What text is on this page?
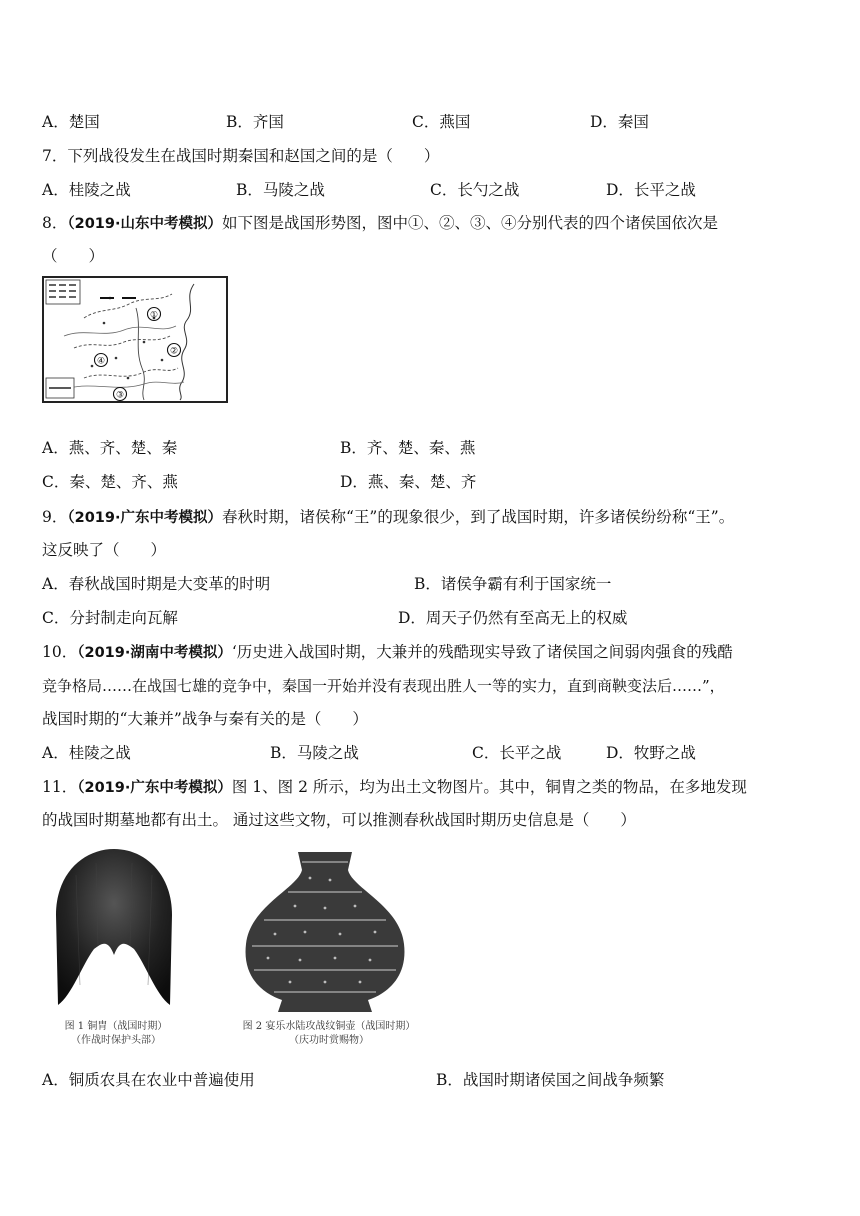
A．楚国	B．齐国	C．燕国	D．秦国
7．下列战役发生在战国时期秦国和赵国之间的是（　　）
A．桂陵之战	B．马陵之战	C．长勺之战	D．长平之战
8．（2019·山东中考模拟）如下图是战国形势图，图中①、②、③、④分别代表的四个诸侯国依次是
（　　）
①
②
③
④
A．燕、齐、楚、秦	B．齐、楚、秦、燕
C．秦、楚、齐、燕	D．燕、秦、楚、齐
9．（2019·广东中考模拟）春秋时期，诸侯称“王”的现象很少，到了战国时期，许多诸侯纷纷称“王”。
这反映了（　　）
A．春秋战国时期是大变革的时明	B．诸侯争霸有利于国家统一
C．分封制走向瓦解	D．周天子仍然有至高无上的权威
10．（2019·湖南中考模拟）‘历史进入战国时期，大兼并的残酷现实导致了诸侯国之间弱肉强食的残酷
竞争格局……在战国七雄的竞争中，秦国一开始并没有表现出胜人一等的实力，直到商鞅变法后……”，
战国时期的“大兼并”战争与秦有关的是（　　）
A．桂陵之战	B．马陵之战	C．长平之战	D．牧野之战
11．（2019·广东中考模拟）图 1、图 2 所示，均为出土文物图片。其中，铜胄之类的物品，在多地发现
的战国时期墓地都有出土。 通过这些文物，可以推测春秋战国时期历史信息是（　　）
图 1 铜胄（战国时期）
（作战时保护头部）
图 2 宴乐水陆攻战纹铜壶（战国时期）
（庆功时赏赐物）
A．铜质农具在农业中普遍使用	B．战国时期诸侯国之间战争频繁
